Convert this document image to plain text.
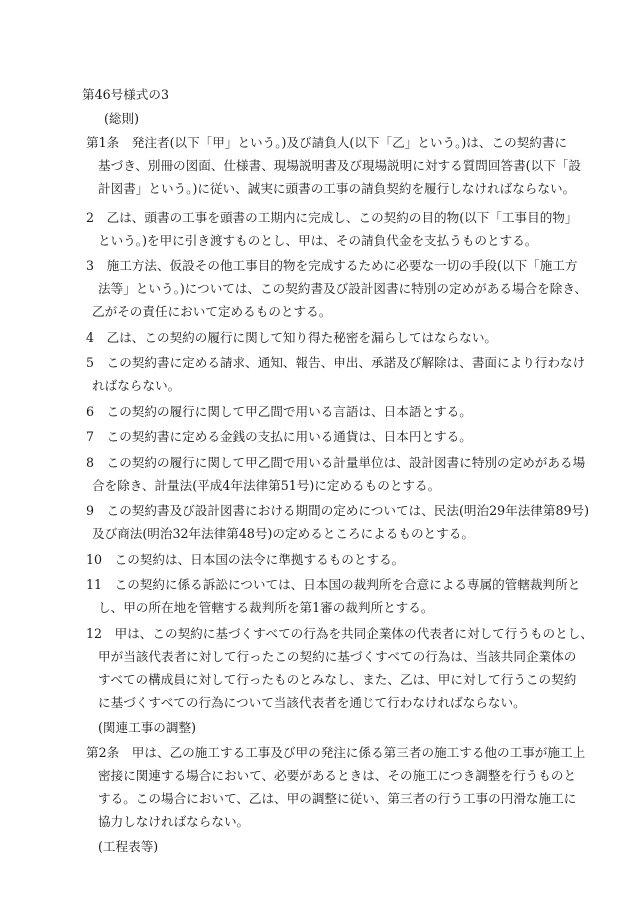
第46号様式の3
(総則)
第1条　発注者(以下「甲」という。)及び請負人(以下「乙」という。)は、この契約書に
基づき、別冊の図面、仕様書、現場説明書及び現場説明に対する質問回答書(以下「設
計図書」という。)に従い、誠実に頭書の工事の請負契約を履行しなければならない。
2　乙は、頭書の工事を頭書の工期内に完成し、この契約の目的物(以下「工事目的物」
という。)を甲に引き渡すものとし、甲は、その請負代金を支払うものとする。
3　施工方法、仮設その他工事目的物を完成するために必要な一切の手段(以下「施工方
法等」という。)については、この契約書及び設計図書に特別の定めがある場合を除き、
乙がその責任において定めるものとする。
4　乙は、この契約の履行に関して知り得た秘密を漏らしてはならない。
5　この契約書に定める請求、通知、報告、申出、承諾及び解除は、書面により行わなけ
ればならない。
6　この契約の履行に関して甲乙間で用いる言語は、日本語とする。
7　この契約書に定める金銭の支払に用いる通貨は、日本円とする。
8　この契約の履行に関して甲乙間で用いる計量単位は、設計図書に特別の定めがある場
合を除き、計量法(平成4年法律第51号)に定めるものとする。
9　この契約書及び設計図書における期間の定めについては、民法(明治29年法律第89号)
及び商法(明治32年法律第48号)の定めるところによるものとする。
10　この契約は、日本国の法令に準拠するものとする。
11　この契約に係る訴訟については、日本国の裁判所を合意による専属的管轄裁判所と
し、甲の所在地を管轄する裁判所を第1審の裁判所とする。
12　甲は、この契約に基づくすべての行為を共同企業体の代表者に対して行うものとし、
甲が当該代表者に対して行ったこの契約に基づくすべての行為は、当該共同企業体の
すべての構成員に対して行ったものとみなし、また、乙は、甲に対して行うこの契約
に基づくすべての行為について当該代表者を通じて行わなければならない。
(関連工事の調整)
第2条　甲は、乙の施工する工事及び甲の発注に係る第三者の施工する他の工事が施工上
密接に関連する場合において、必要があるときは、その施工につき調整を行うものと
する。この場合において、乙は、甲の調整に従い、第三者の行う工事の円滑な施工に
協力しなければならない。
(工程表等)
